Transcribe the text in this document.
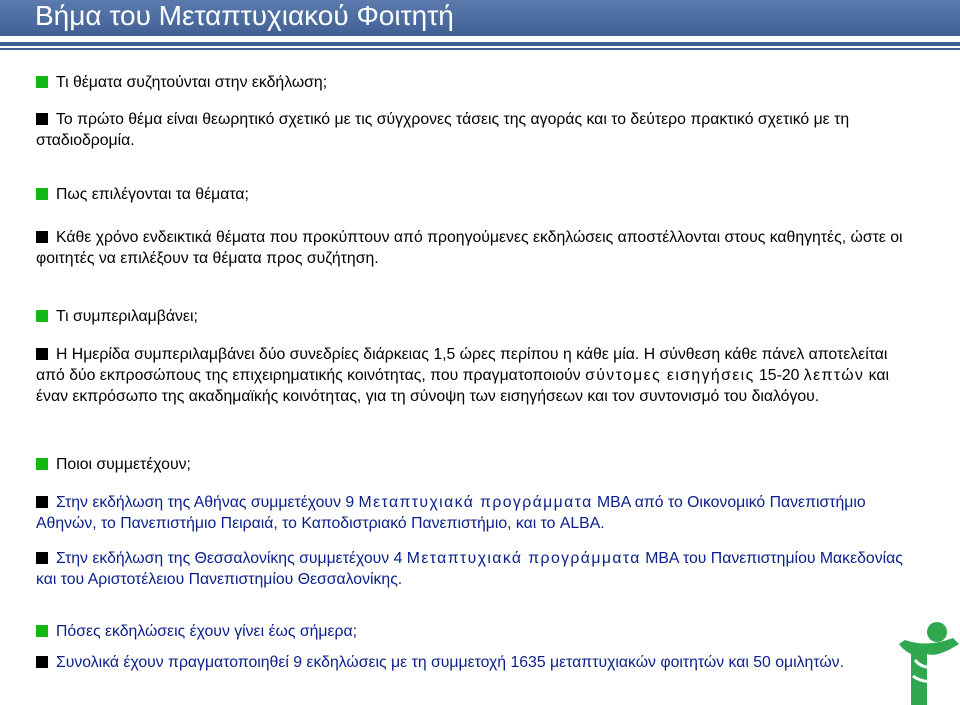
Βήμα του Μεταπτυχιακού Φοιτητή
Τι θέματα συζητούνται στην εκδήλωση;
Το πρώτο θέμα είναι θεωρητικό σχετικό με τις σύγχρονες τάσεις της αγοράς και το δεύτερο πρακτικό σχετικό με τη σταδιοδρομία.
Πως επιλέγονται τα θέματα;
Κάθε χρόνο ενδεικτικά θέματα που προκύπτουν από προηγούμενες εκδηλώσεις αποστέλλονται στους καθηγητές, ώστε οι φοιτητές να επιλέξουν τα θέματα προς συζήτηση.
Τι συμπεριλαμβάνει;
Η Ημερίδα συμπεριλαμβάνει δύο συνεδρίες διάρκειας 1,5 ώρες περίπου η κάθε μία. Η σύνθεση κάθε πάνελ αποτελείται από δύο εκπροσώπους της επιχειρηματικής κοινότητας, που πραγματοποιούν σύντομες εισηγήσεις 15-20 λεπτών και έναν εκπρόσωπο της ακαδημαϊκής κοινότητας, για τη σύνοψη των εισηγήσεων και τον συντονισμό του διαλόγου.
Ποιοι συμμετέχουν;
Στην εκδήλωση της Αθήνας συμμετέχουν 9 Μεταπτυχιακά προγράμματα MBA από το Οικονομικό Πανεπιστήμιο Αθηνών, το Πανεπιστήμιο Πειραιά, το Καποδιστριακό Πανεπιστήμιο, και το ALBA.
Στην εκδήλωση της Θεσσαλονίκης συμμετέχουν 4 Μεταπτυχιακά προγράμματα MBA του Πανεπιστημίου Μακεδονίας και του Αριστοτέλειου Πανεπιστημίου Θεσσαλονίκης.
Πόσες εκδηλώσεις έχουν γίνει έως σήμερα;
Συνολικά έχουν πραγματοποιηθεί 9 εκδηλώσεις με τη συμμετοχή 1635 μεταπτυχιακών φοιτητών και 50 ομιλητών.
